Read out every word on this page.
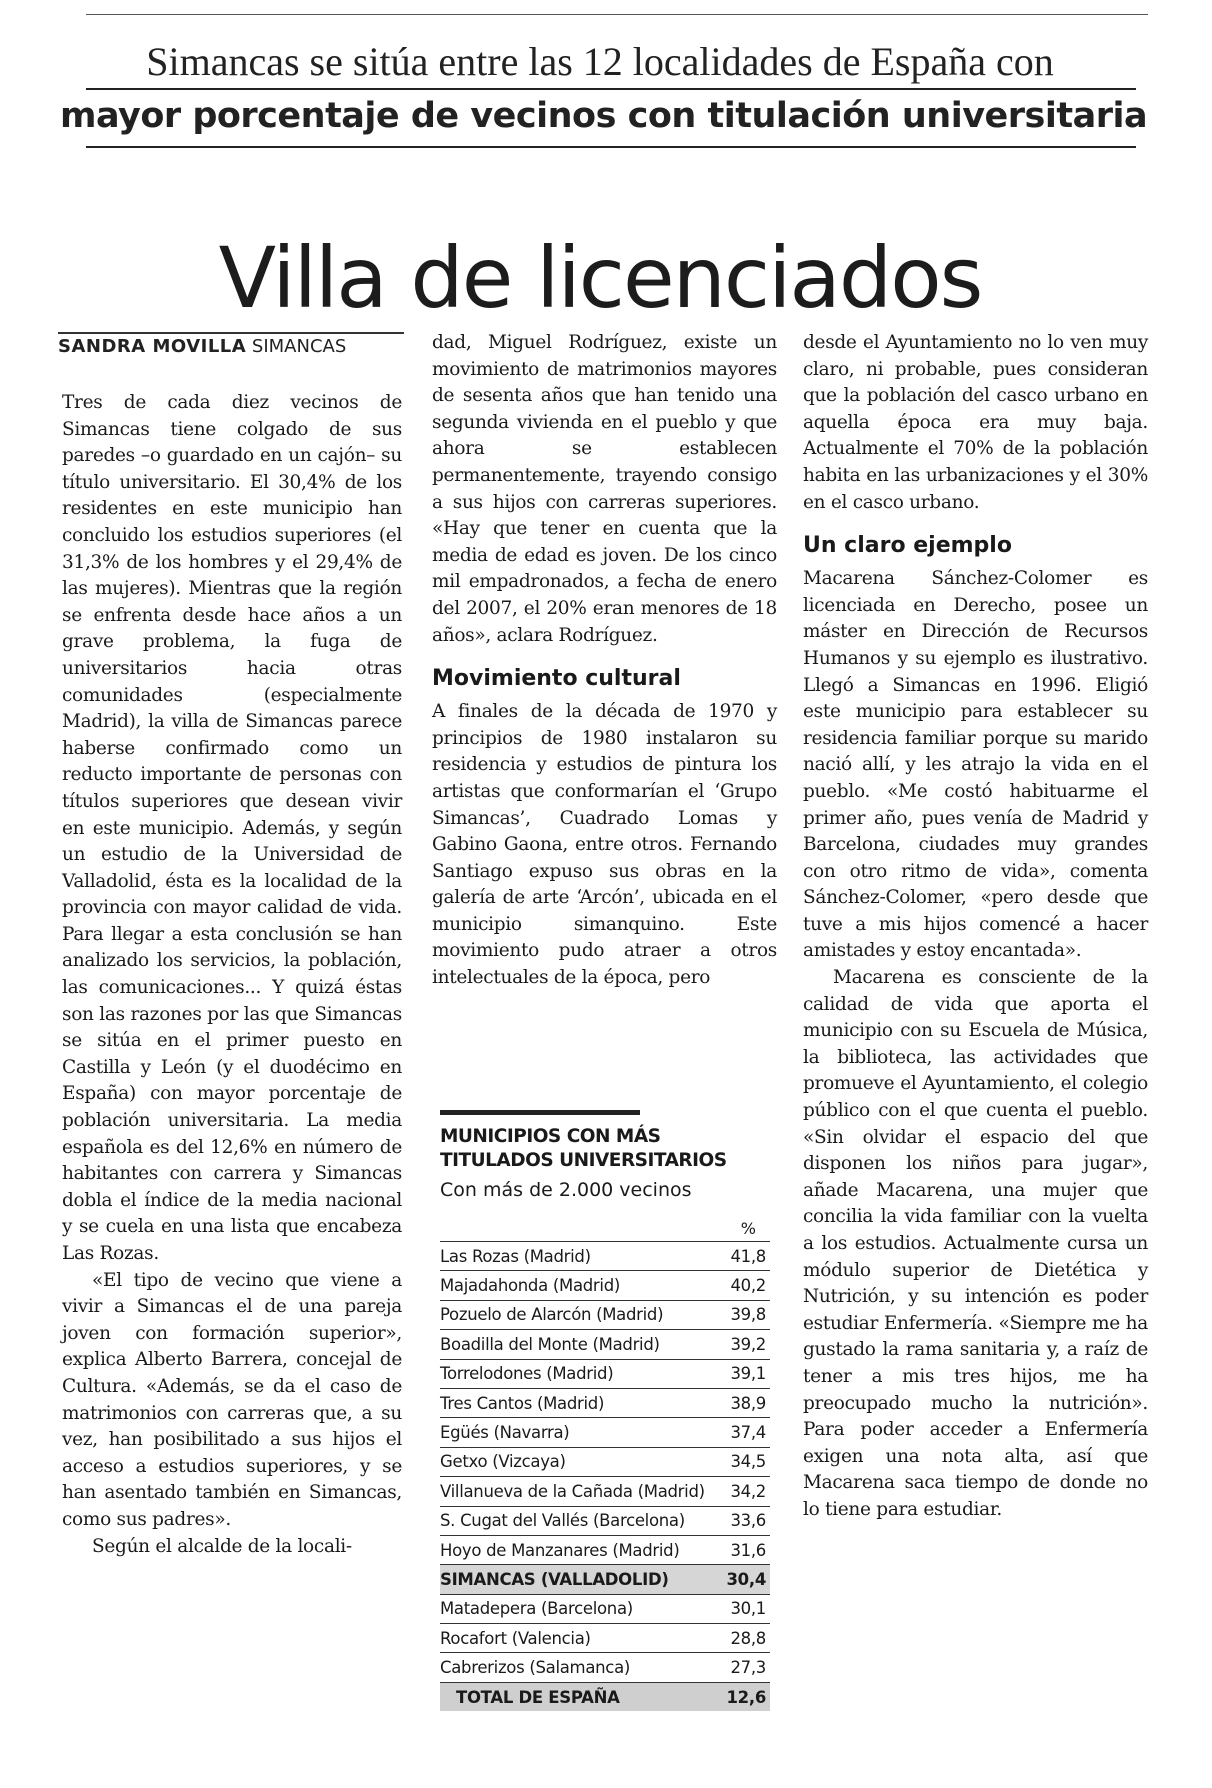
Simancas se sitúa entre las 12 localidades de España con
mayor porcentaje de vecinos con titulación universitaria
Villa de licenciados
SANDRA MOVILLA SIMANCAS

Tres de cada diez vecinos de Simancas tiene colgado de sus paredes –o guardado en un cajón– su título universitario. El 30,4% de los residentes en este municipio han concluido los estudios superiores (el 31,3% de los hombres y el 29,4% de las mujeres). Mientras que la región se enfrenta desde hace años a un grave problema, la fuga de universitarios hacia otras comunidades (especialmente Madrid), la villa de Simancas parece haberse confirmado como un reducto importante de personas con títulos superiores que desean vivir en este municipio. Además, y según un estudio de la Universidad de Valladolid, ésta es la localidad de la provincia con mayor calidad de vida. Para llegar a esta conclusión se han analizado los servicios, la población, las comunicaciones... Y quizá éstas son las razones por las que Simancas se sitúa en el primer puesto en Castilla y León (y el duodécimo en España) con mayor porcentaje de población universitaria. La media española es del 12,6% en número de habitantes con carrera y Simancas dobla el índice de la media nacional y se cuela en una lista que encabeza Las Rozas.

«El tipo de vecino que viene a vivir a Simancas el de una pareja joven con formación superior», explica Alberto Barrera, concejal de Cultura. «Además, se da el caso de matrimonios con carreras que, a su vez, han posibilitado a sus hijos el acceso a estudios superiores, y se han asentado también en Simancas, como sus padres».

Según el alcalde de la locali-

dad, Miguel Rodríguez, existe un movimiento de matrimonios mayores de sesenta años que han tenido una segunda vivienda en el pueblo y que ahora se establecen permanentemente, trayendo consigo a sus hijos con carreras superiores. «Hay que tener en cuenta que la media de edad es joven. De los cinco mil empadronados, a fecha de enero del 2007, el 20% eran menores de 18 años», aclara Rodríguez.

Movimiento cultural

A finales de la década de 1970 y principios de 1980 instalaron su residencia y estudios de pintura los artistas que conformarían el ‘Grupo Simancas’, Cuadrado Lomas y Gabino Gaona, entre otros. Fernando Santiago expuso sus obras en la galería de arte ‘Arcón’, ubicada en el municipio simanquino. Este movimiento pudo atraer a otros intelectuales de la época, pero

desde el Ayuntamiento no lo ven muy claro, ni probable, pues consideran que la población del casco urbano en aquella época era muy baja. Actualmente el 70% de la población habita en las urbanizaciones y el 30% en el casco urbano.

Un claro ejemplo

Macarena Sánchez-Colomer es licenciada en Derecho, posee un máster en Dirección de Recursos Humanos y su ejemplo es ilustrativo. Llegó a Simancas en 1996. Eligió este municipio para establecer su residencia familiar porque su marido nació allí, y les atrajo la vida en el pueblo. «Me costó habituarme el primer año, pues venía de Madrid y Barcelona, ciudades muy grandes con otro ritmo de vida», comenta Sánchez-Colomer, «pero desde que tuve a mis hijos comencé a hacer amistades y estoy encantada».

Macarena es consciente de la calidad de vida que aporta el municipio con su Escuela de Música, la biblioteca, las actividades que promueve el Ayuntamiento, el colegio público con el que cuenta el pueblo. «Sin olvidar el espacio del que disponen los niños para jugar», añade Macarena, una mujer que concilia la vida familiar con la vuelta a los estudios. Actualmente cursa un módulo superior de Dietética y Nutrición, y su intención es poder estudiar Enfermería. «Siempre me ha gustado la rama sanitaria y, a raíz de tener a mis tres hijos, me ha preocupado mucho la nutrición». Para poder acceder a Enfermería exigen una nota alta, así que Macarena saca tiempo de donde no lo tiene para estudiar.

MUNICIPIOS CON MÁS
TITULADOS UNIVERSITARIOS
Con más de 2.000 vecinos
%
Las Rozas (Madrid)	41,8
Majadahonda (Madrid)	40,2
Pozuelo de Alarcón (Madrid)	39,8
Boadilla del Monte (Madrid)	39,2
Torrelodones (Madrid)	39,1
Tres Cantos (Madrid)	38,9
Egüés (Navarra)	37,4
Getxo (Vizcaya)	34,5
Villanueva de la Cañada (Madrid) 34,2
S. Cugat del Vallés (Barcelona)	33,6
Hoyo de Manzanares (Madrid)	31,6
SIMANCAS (VALLADOLID)	30,4
Matadepera (Barcelona)	30,1
Rocafort (Valencia)	28,8
Cabrerizos (Salamanca)	27,3
TOTAL DE ESPAÑA	12,6
